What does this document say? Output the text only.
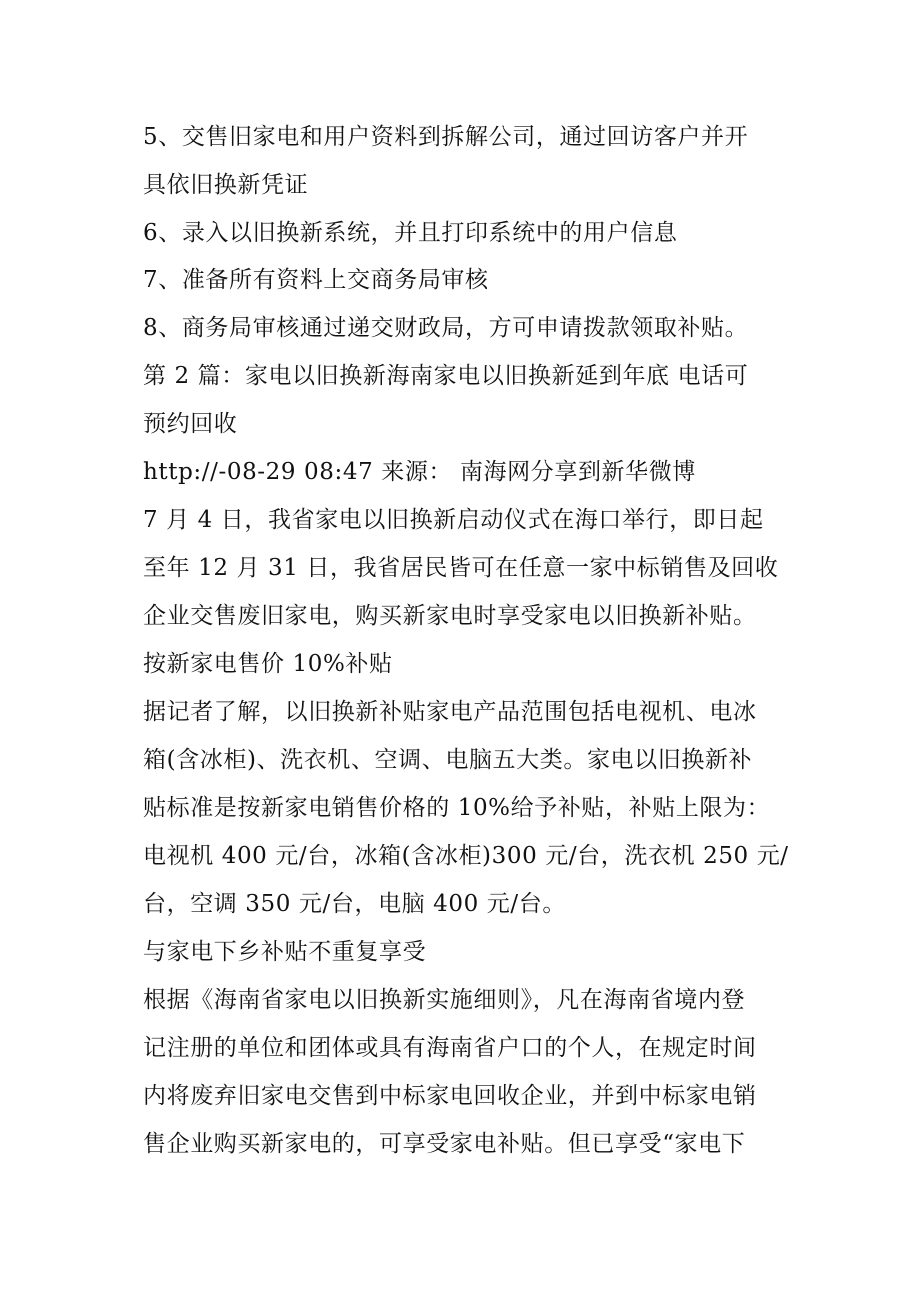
5、交售旧家电和用户资料到拆解公司，通过回访客户并开
具依旧换新凭证
6、录入以旧换新系统，并且打印系统中的用户信息
7、准备所有资料上交商务局审核
8、商务局审核通过递交财政局，方可申请拨款领取补贴。
第 2 篇：家电以旧换新海南家电以旧换新延到年底 电话可
预约回收
http://-08-29 08:47 来源： 南海网分享到新华微博
7 月 4 日，我省家电以旧换新启动仪式在海口举行，即日起
至年 12 月 31 日，我省居民皆可在任意一家中标销售及回收
企业交售废旧家电，购买新家电时享受家电以旧换新补贴。
按新家电售价 10%补贴
据记者了解，以旧换新补贴家电产品范围包括电视机、电冰
箱(含冰柜)、洗衣机、空调、电脑五大类。家电以旧换新补
贴标准是按新家电销售价格的 10%给予补贴，补贴上限为：
电视机 400 元/台，冰箱(含冰柜)300 元/台，洗衣机 250 元/
台，空调 350 元/台，电脑 400 元/台。
与家电下乡补贴不重复享受
根据《海南省家电以旧换新实施细则》，凡在海南省境内登
记注册的单位和团体或具有海南省户口的个人，在规定时间
内将废弃旧家电交售到中标家电回收企业，并到中标家电销
售企业购买新家电的，可享受家电补贴。但已享受“家电下
